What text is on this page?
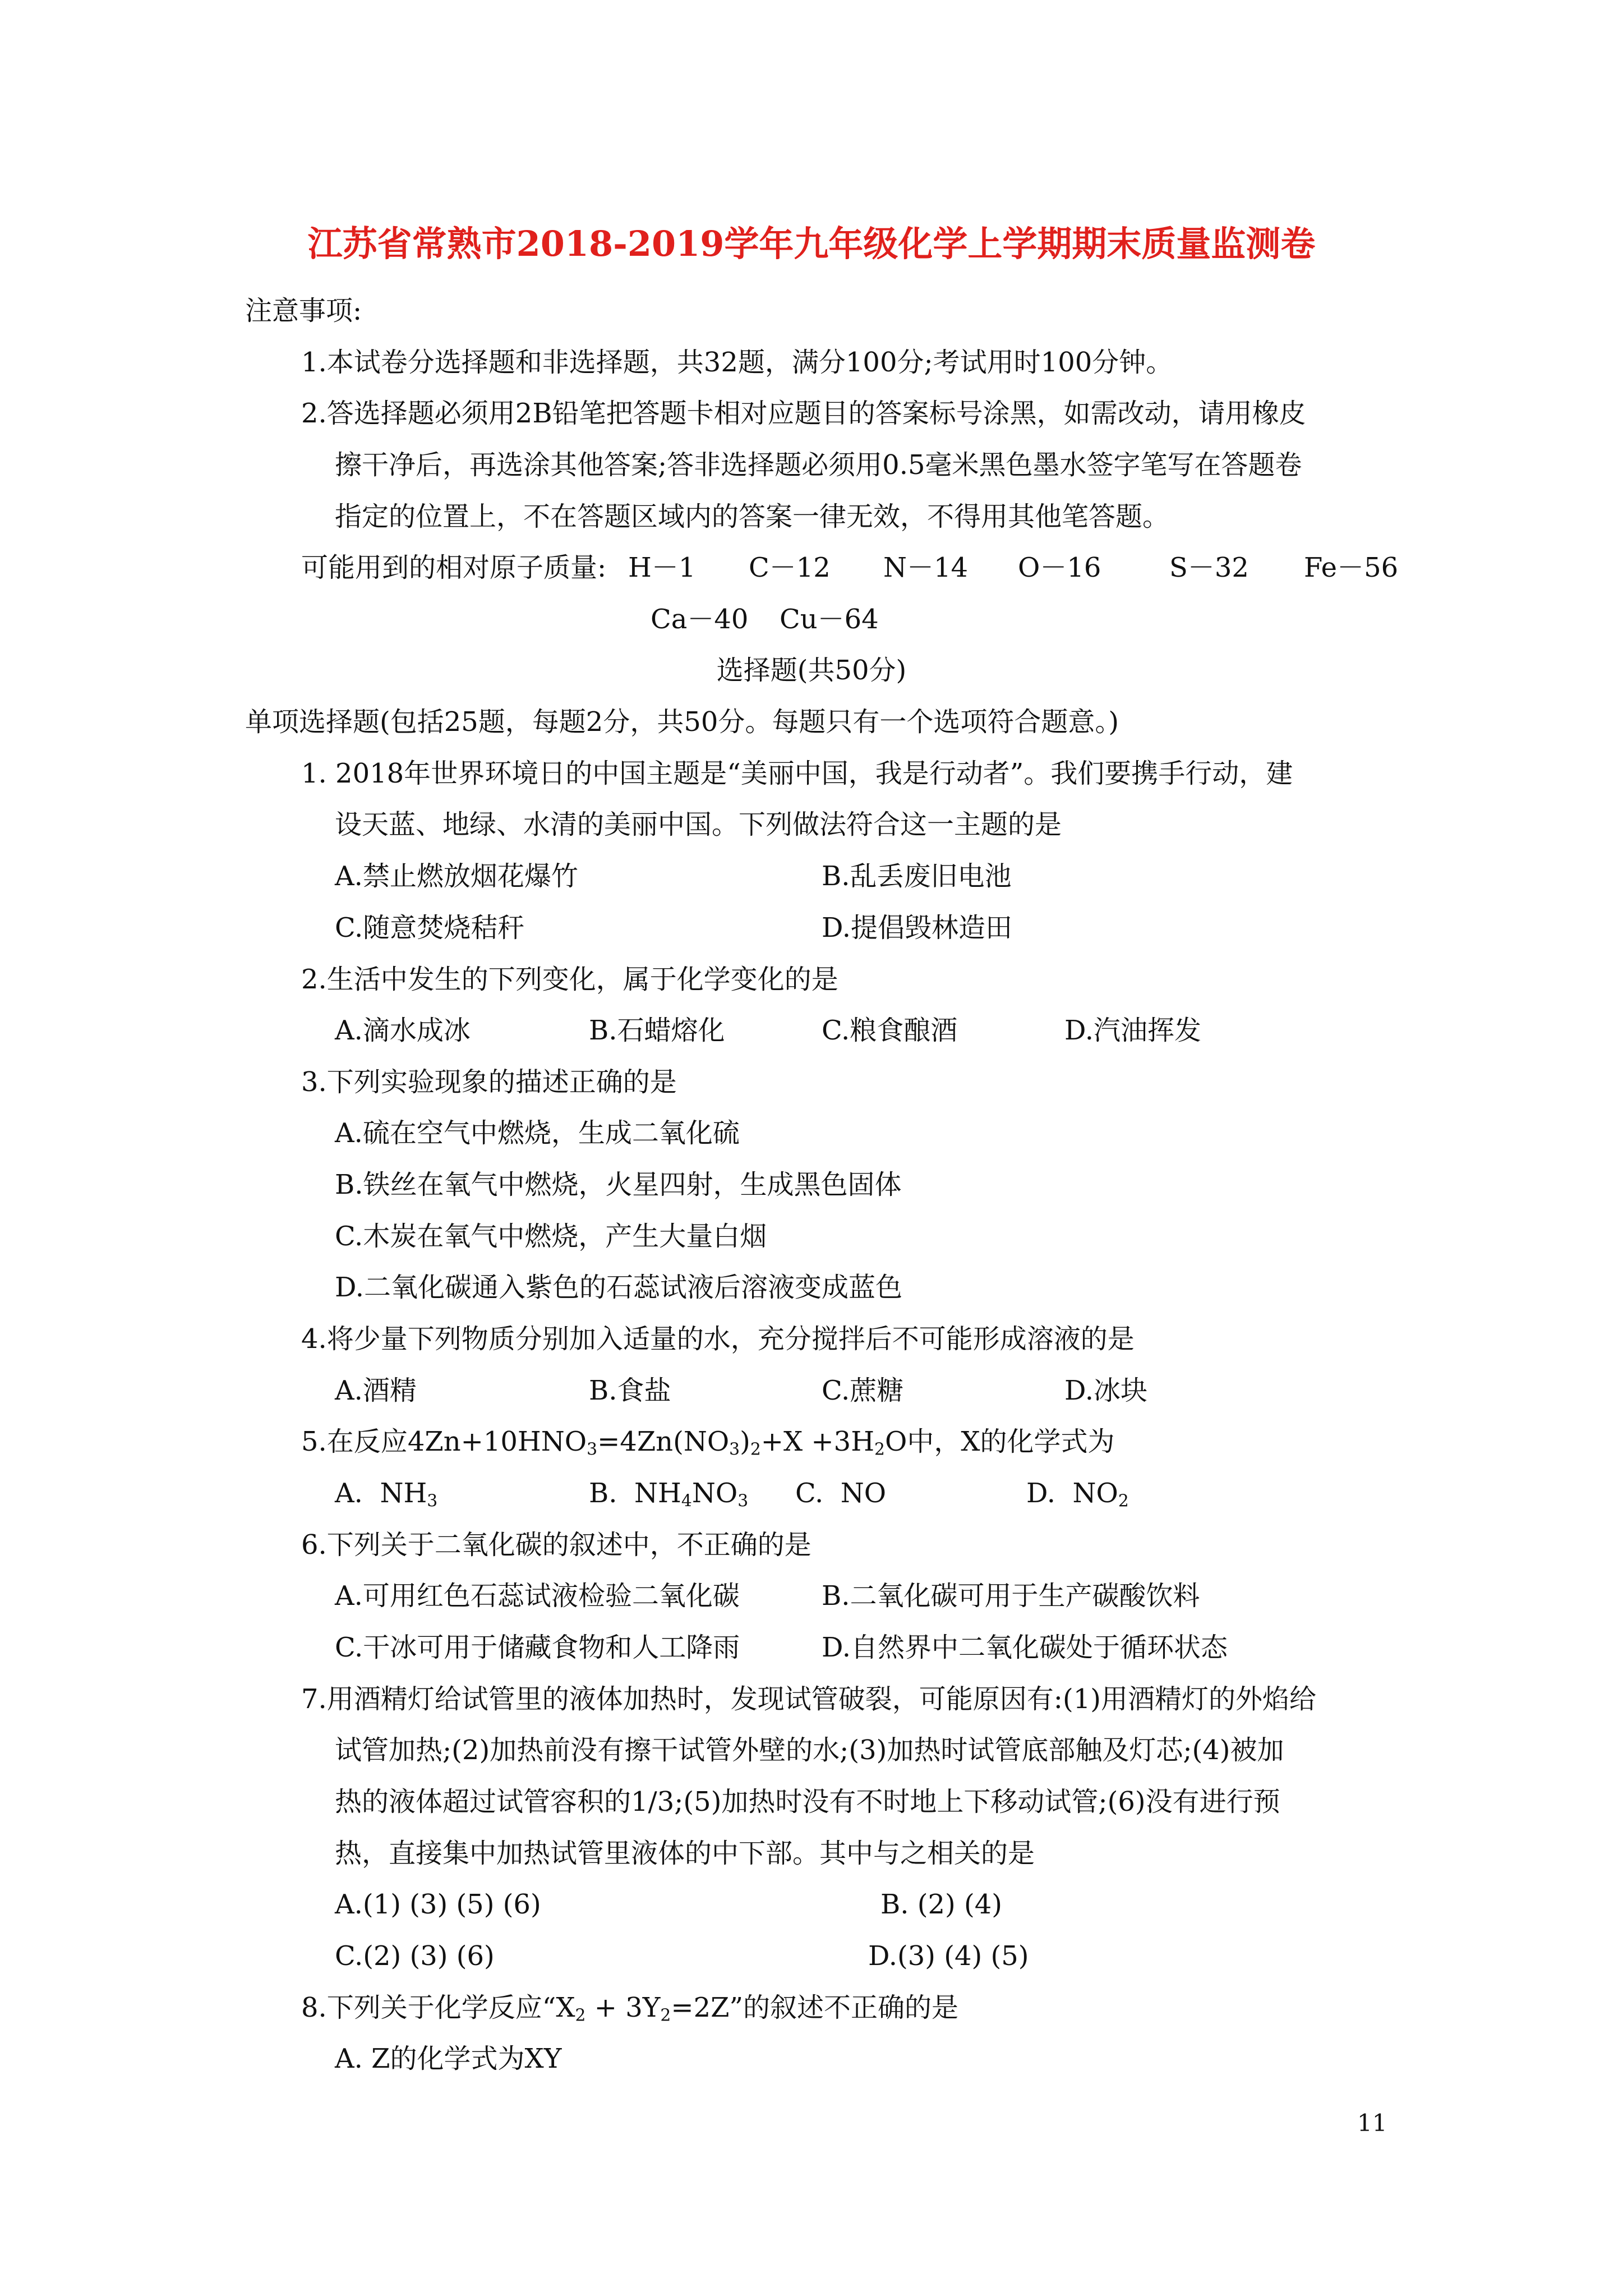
江苏省常熟市2018-2019学年九年级化学上学期期末质量监测卷
注意事项:
1.本试卷分选择题和非选择题，共32题，满分100分;考试用时100分钟。
2.答选择题必须用2B铅笔把答题卡相对应题目的答案标号涂黑，如需改动，请用橡皮
擦干净后，再选涂其他答案;答非选择题必须用0.5毫米黑色墨水签字笔写在答题卷
指定的位置上，不在答题区域内的答案一律无效，不得用其他笔答题。
可能用到的相对原子质量: H－1 C－12 N－14 O－16	S－32 Fe－56
Ca－40 Cu－64
选择题(共50分)
单项选择题(包括25题，每题2分，共50分。每题只有一个选项符合题意。)
1. 2018年世界环境日的中国主题是“美丽中国，我是行动者”。我们要携手行动，建
设天蓝、地绿、水清的美丽中国。下列做法符合这一主题的是
A.禁止燃放烟花爆竹	B.乱丢废旧电池
C.随意焚烧秸秆	D.提倡毁林造田
2.生活中发生的下列变化，属于化学变化的是
A.滴水成冰	B.石蜡熔化	C.粮食酿酒	D.汽油挥发
3.下列实验现象的描述正确的是
A.硫在空气中燃烧，生成二氧化硫
B.铁丝在氧气中燃烧，火星四射，生成黑色固体
C.木炭在氧气中燃烧，产生大量白烟
D.二氧化碳通入紫色的石蕊试液后溶液变成蓝色
4.将少量下列物质分别加入适量的水，充分搅拌后不可能形成溶液的是
A.酒精	B.食盐	C.蔗糖	D.冰块
5.在反应$4Zn+10HNO_3=4Zn(NO_3)_2+X +3H_2O$中，X的化学式为
A.  $NH_3$	B.  $NH_4NO_3$ C.  NO	D.  $NO_2$
6.下列关于二氧化碳的叙述中，不正确的是
A.可用红色石蕊试液检验二氧化碳	B.二氧化碳可用于生产碳酸饮料
C.干冰可用于储藏食物和人工降雨	D.自然界中二氧化碳处于循环状态
7.用酒精灯给试管里的液体加热时，发现试管破裂，可能原因有:(1)用酒精灯的外焰给
试管加热;(2)加热前没有擦干试管外壁的水;(3)加热时试管底部触及灯芯;(4)被加
热的液体超过试管容积的1/3;(5)加热时没有不时地上下移动试管;(6)没有进行预
热，直接集中加热试管里液体的中下部。其中与之相关的是
A.(1) (3) (5) (6)	B. (2) (4)
C.(2) (3) (6)	D.(3) (4) (5)
8.下列关于化学反应“$X_2 + 3Y_2=2Z$”的叙述不正确的是
A. Z的化学式为XY
11
